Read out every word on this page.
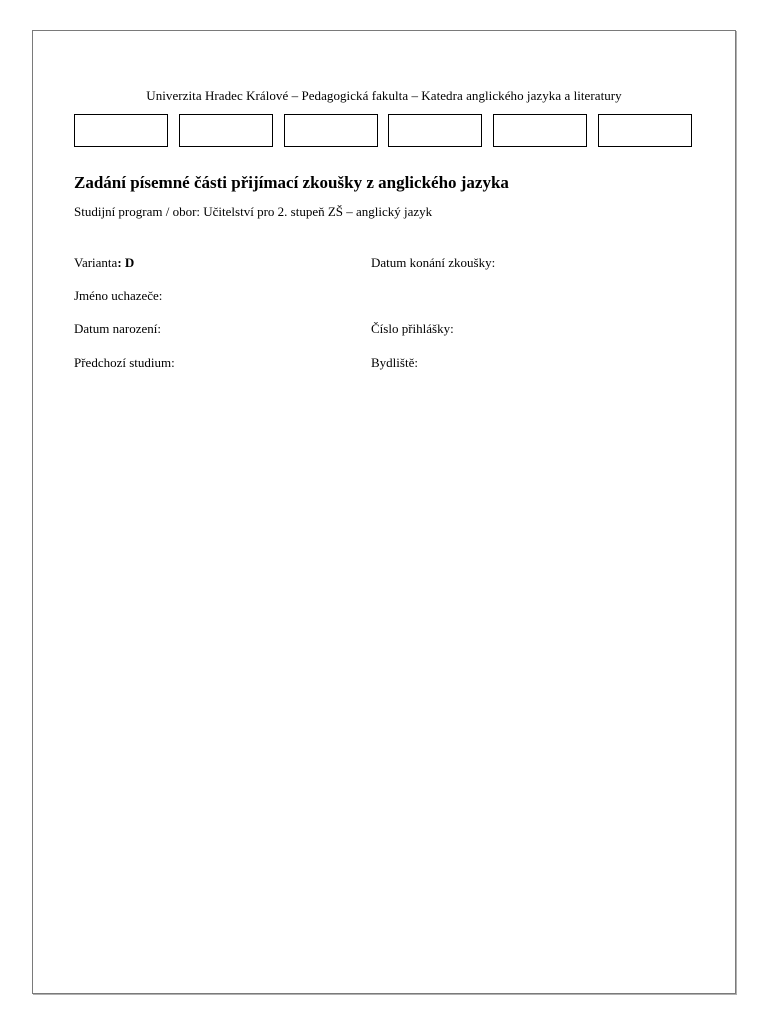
Univerzita Hradec Králové – Pedagogická fakulta – Katedra anglického jazyka a literatury
Zadání písemné části přijímací zkoušky z anglického jazyka
Studijní program / obor: Učitelství pro 2. stupeň ZŠ – anglický jazyk
Varianta: D	Datum konání zkoušky:
Jméno uchazeče:
Datum narození:	Číslo přihlášky:
Předchozí studium:	Bydliště:
